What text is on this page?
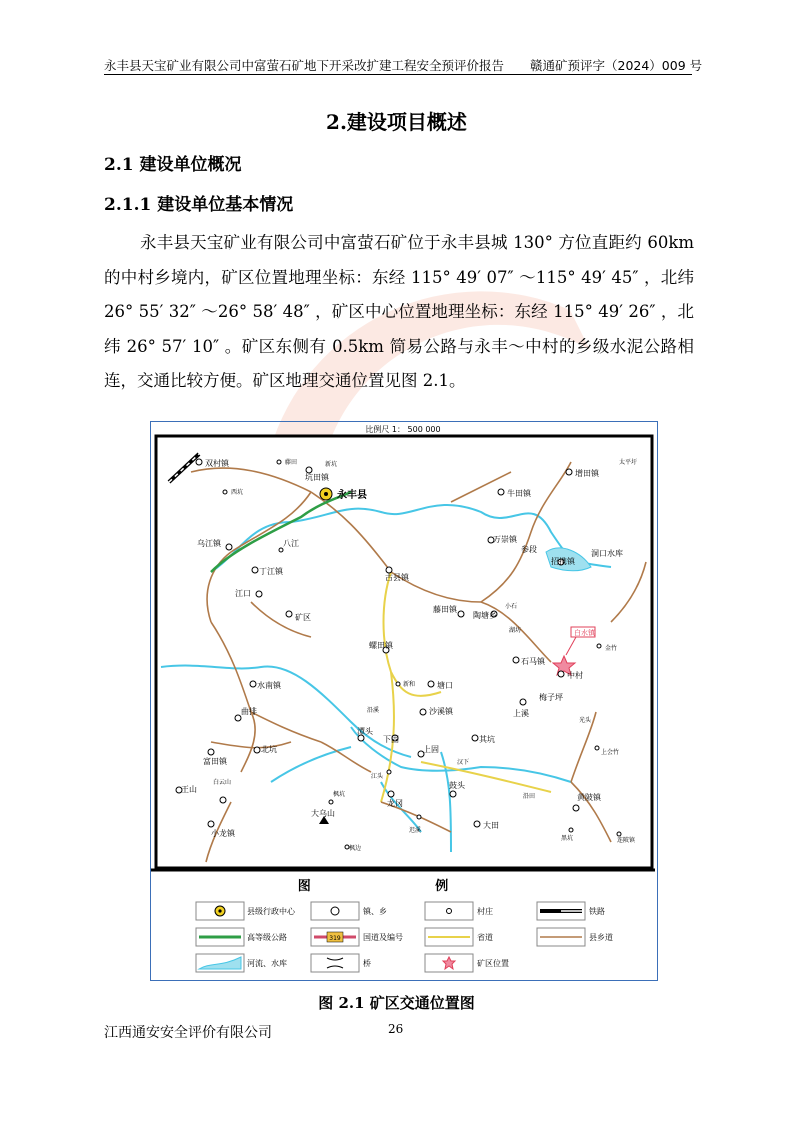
永丰县天宝矿业有限公司中富萤石矿地下开采改扩建工程安全预评价报告 赣通矿预评字（2024）009 号
2.建设项目概述
2.1 建设单位概况
2.1.1 建设单位基本情况
永丰县天宝矿业有限公司中富萤石矿位于永丰县城 130° 方位直距约 60km 的中村乡境内，矿区位置地理坐标：东经 115° 49′ 07″ ～115° 49′ 45″ ，北纬 26° 55′ 32″ ～26° 58′ 48″ ，矿区中心位置地理坐标：东经 115° 49′ 26″ ，北纬 26° 57′ 10″ 。矿区东侧有 0.5km 简易公路与永丰～中村的乡级水泥公路相连，交通比较方便。矿区地理交通位置见图 2.1。
比例尺 1： 500 000
永丰县
白水镇
双村镇	藤田
坑田镇	增田镇
太平圩
西坑	牛田镇
乌江镇	八江	万崇镇
参段
丁江镇
招携镇
洞口水库
古县镇
江口
藤田镇
陶塘乡
小石
湖坊
矿区
金竹
螺田镇
石马镇
中村
水南镇	新和	塘口
梅子坪
曲排
潭头
沙溪镇	上溪
下固	其坑
北坑
富田镇
上固	上会竹
江头
汉下
王山
白云山
龙冈
鼓头
黄陂镇
枫坑
迟溪
大田
小龙镇
大乌山
枫边
沿溪
黑坑	连陂镇
沿田
光头
新坑
图 例
县级行政中心	镇、乡	村庄	铁路
高等级公路	319	国道及编号	省道	县乡道
河流、水库	桥	矿区位置
图 2.1 矿区交通位置图
江西通安安全评价有限公司	26
